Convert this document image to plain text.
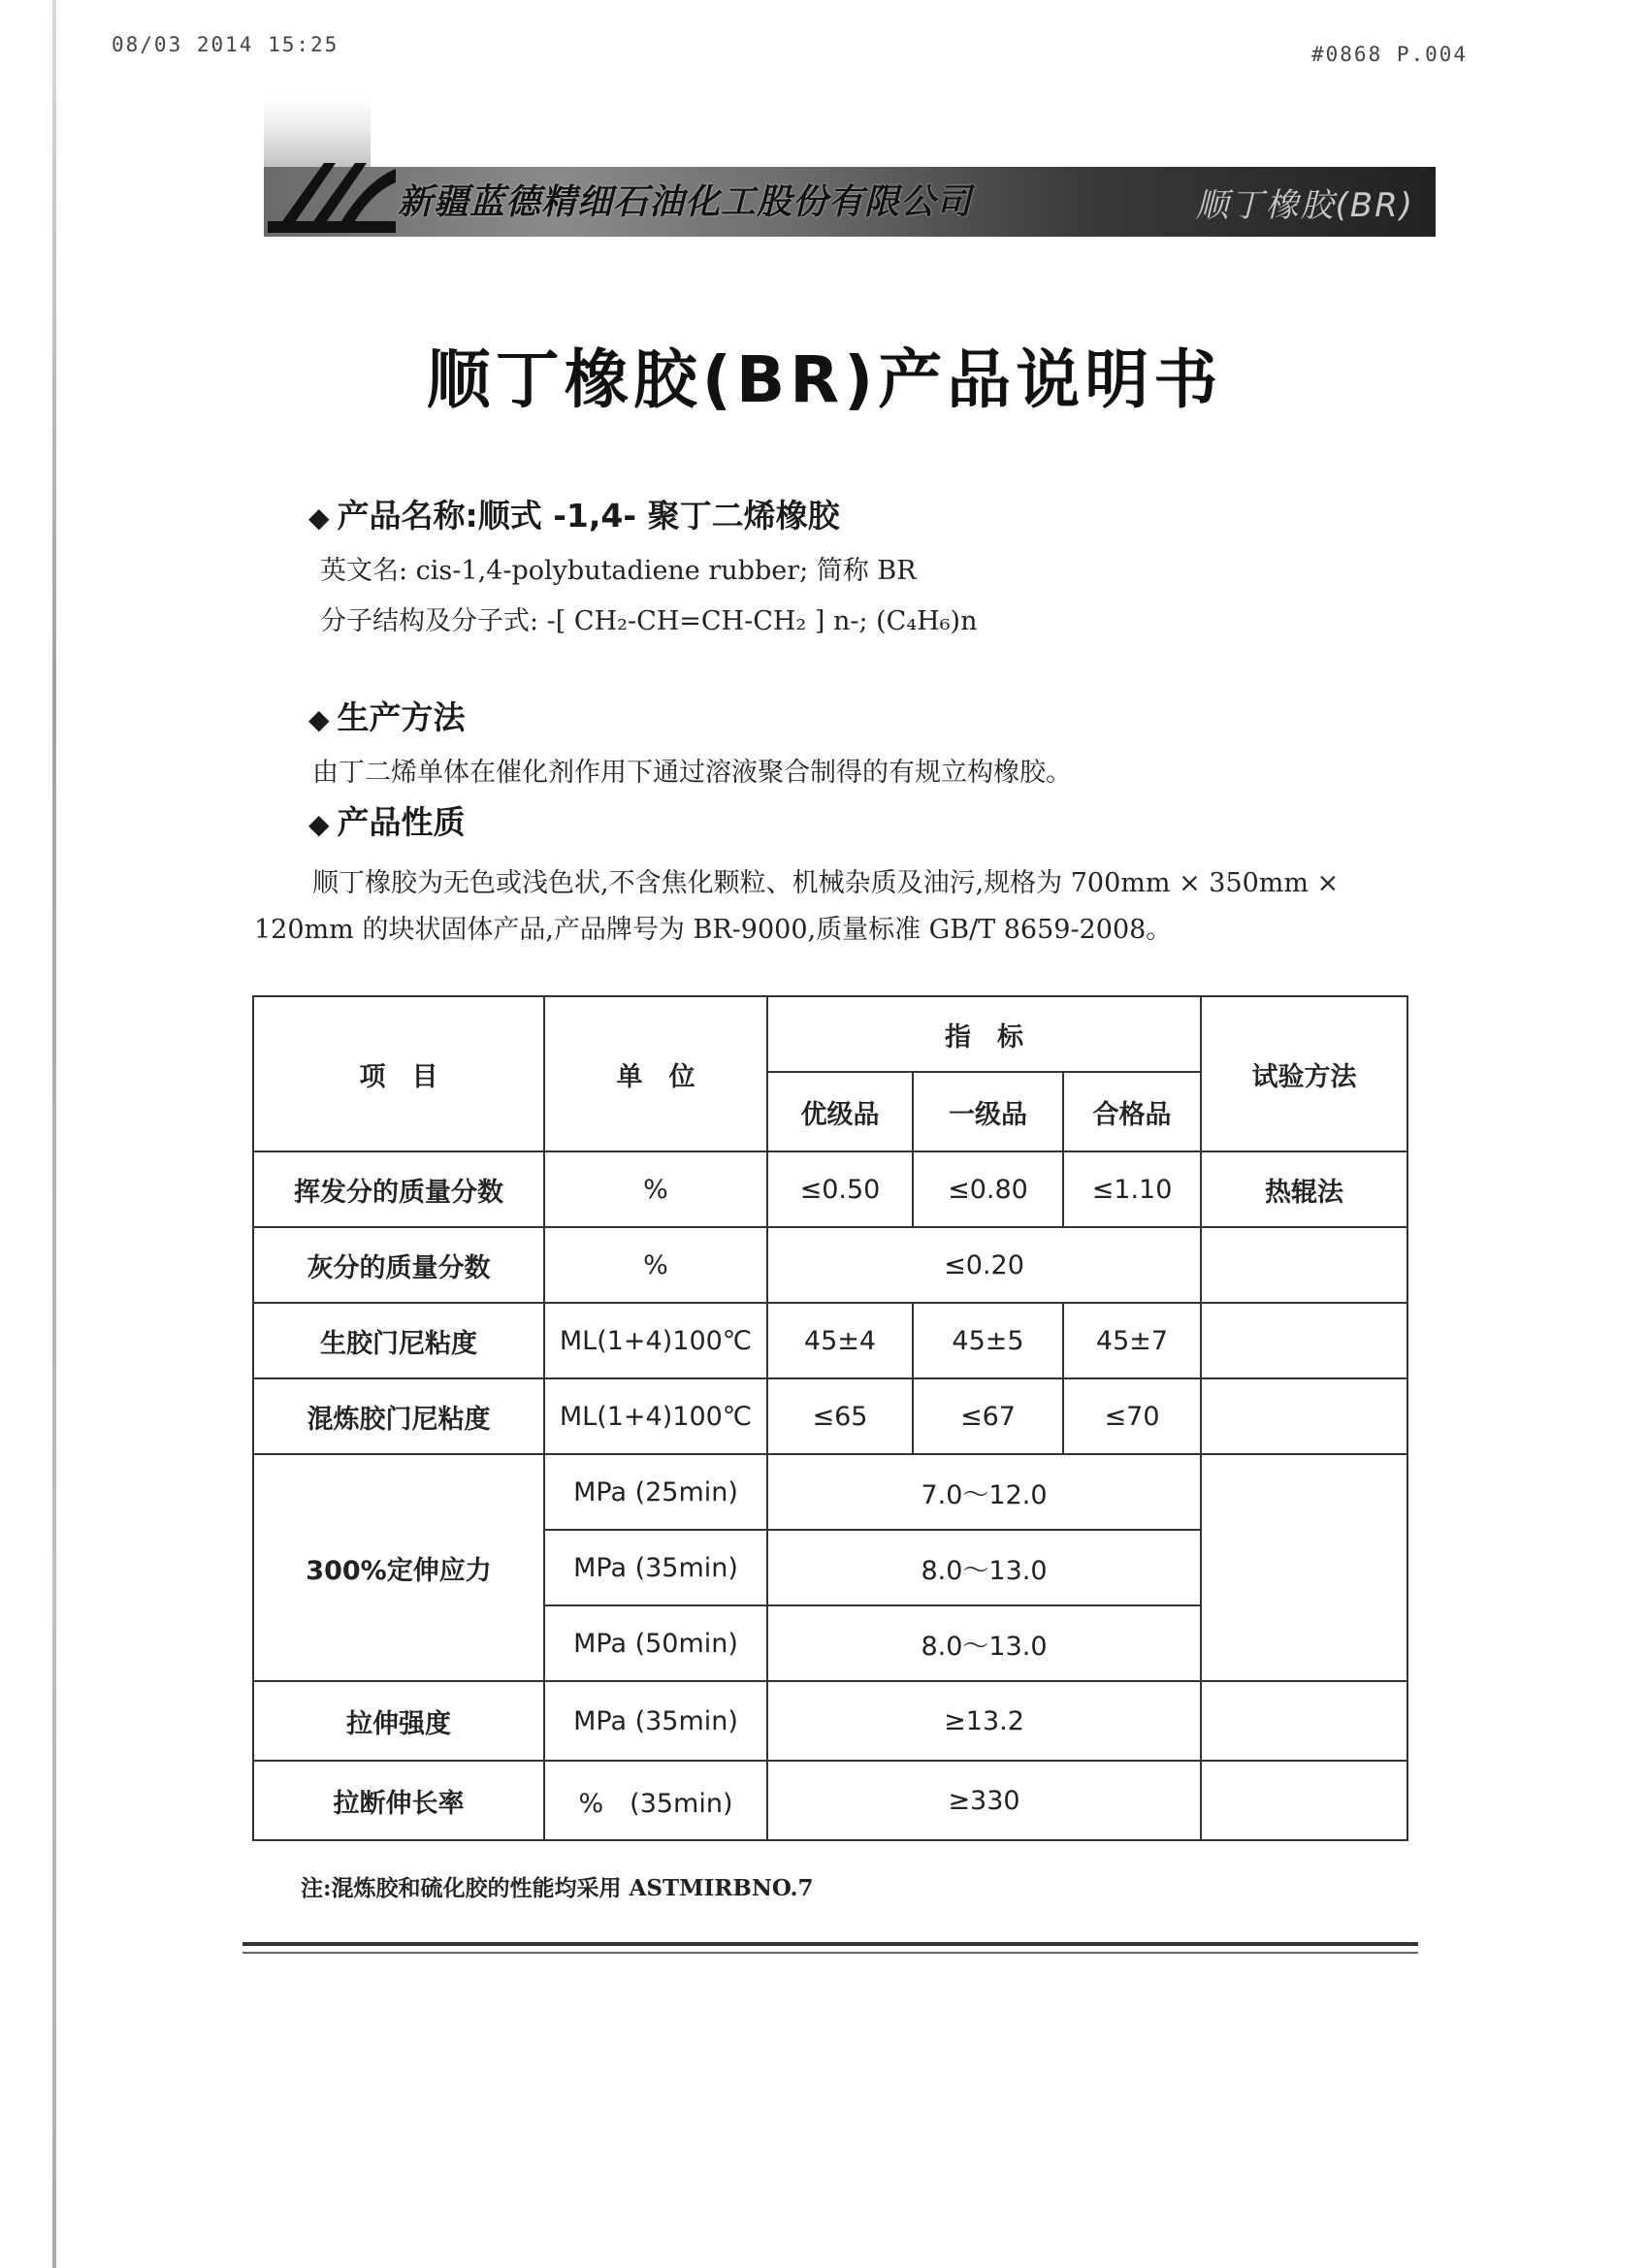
08/03 2014 15:25	#0868 P.004
新疆蓝德精细石油化工股份有限公司	顺丁橡胶(BR)
顺丁橡胶(BR)产品说明书
◆ 产品名称:顺式 -1,4- 聚丁二烯橡胶
英文名: cis-1,4-polybutadiene rubber; 简称 BR
分子结构及分子式: -[ CH₂-CH=CH-CH₂ ] n-; (C₄H₆)n
◆ 生产方法
由丁二烯单体在催化剂作用下通过溶液聚合制得的有规立构橡胶。
◆ 产品性质
顺丁橡胶为无色或浅色状,不含焦化颗粒、机械杂质及油污,规格为 700mm × 350mm ×
120mm 的块状固体产品,产品牌号为 BR-9000,质量标准 GB/T 8659-2008。
项　目	单　位	指　标			试验方法
		优级品	一级品	合格品	
挥发分的质量分数	%	≤0.50	≤0.80	≤1.10	热辊法
灰分的质量分数	%	≤0.20			
生胶门尼粘度	ML(1+4)100℃	45±4	45±5	45±7	
混炼胶门尼粘度	ML(1+4)100℃	≤65	≤67	≤70	
300%定伸应力	MPa (25min)	7.0～12.0			
	MPa (35min)	8.0～13.0			
	MPa (50min)	8.0～13.0			
拉伸强度	MPa (35min)	≥13.2			
拉断伸长率	%　(35min)	≥330			
注:混炼胶和硫化胶的性能均采用 ASTMIRBNO.7
